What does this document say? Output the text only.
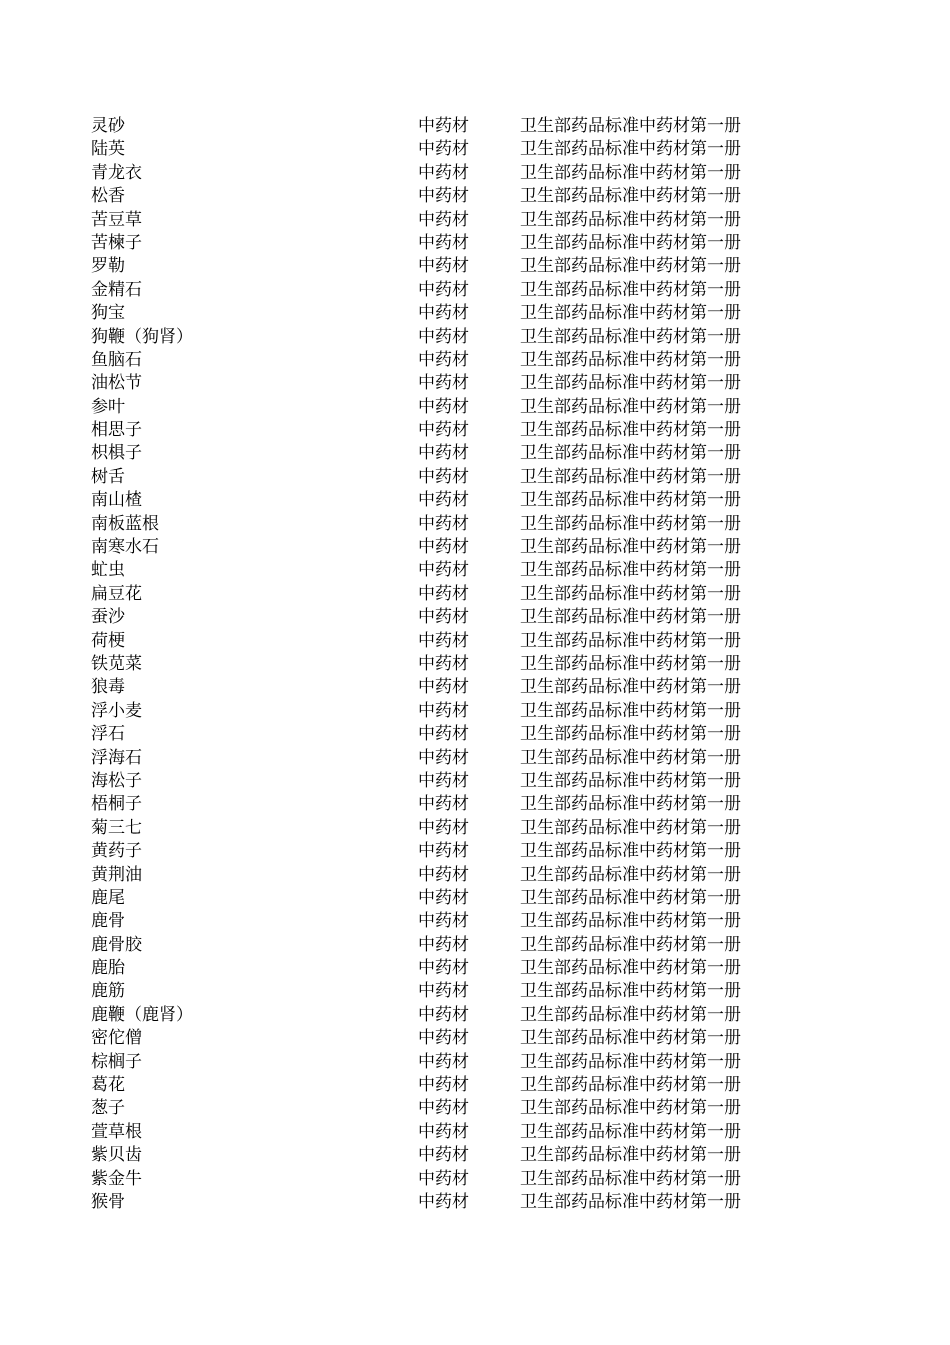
灵砂	中药材	卫生部药品标准中药材第一册
陆英	中药材	卫生部药品标准中药材第一册
青龙衣	中药材	卫生部药品标准中药材第一册
松香	中药材	卫生部药品标准中药材第一册
苦豆草	中药材	卫生部药品标准中药材第一册
苦楝子	中药材	卫生部药品标准中药材第一册
罗勒	中药材	卫生部药品标准中药材第一册
金精石	中药材	卫生部药品标准中药材第一册
狗宝	中药材	卫生部药品标准中药材第一册
狗鞭（狗肾）	中药材	卫生部药品标准中药材第一册
鱼脑石	中药材	卫生部药品标准中药材第一册
油松节	中药材	卫生部药品标准中药材第一册
参叶	中药材	卫生部药品标准中药材第一册
相思子	中药材	卫生部药品标准中药材第一册
枳椇子	中药材	卫生部药品标准中药材第一册
树舌	中药材	卫生部药品标准中药材第一册
南山楂	中药材	卫生部药品标准中药材第一册
南板蓝根	中药材	卫生部药品标准中药材第一册
南寒水石	中药材	卫生部药品标准中药材第一册
虻虫	中药材	卫生部药品标准中药材第一册
扁豆花	中药材	卫生部药品标准中药材第一册
蚕沙	中药材	卫生部药品标准中药材第一册
荷梗	中药材	卫生部药品标准中药材第一册
铁苋菜	中药材	卫生部药品标准中药材第一册
狼毒	中药材	卫生部药品标准中药材第一册
浮小麦	中药材	卫生部药品标准中药材第一册
浮石	中药材	卫生部药品标准中药材第一册
浮海石	中药材	卫生部药品标准中药材第一册
海松子	中药材	卫生部药品标准中药材第一册
梧桐子	中药材	卫生部药品标准中药材第一册
菊三七	中药材	卫生部药品标准中药材第一册
黄药子	中药材	卫生部药品标准中药材第一册
黄荆油	中药材	卫生部药品标准中药材第一册
鹿尾	中药材	卫生部药品标准中药材第一册
鹿骨	中药材	卫生部药品标准中药材第一册
鹿骨胶	中药材	卫生部药品标准中药材第一册
鹿胎	中药材	卫生部药品标准中药材第一册
鹿筋	中药材	卫生部药品标准中药材第一册
鹿鞭（鹿肾）	中药材	卫生部药品标准中药材第一册
密佗僧	中药材	卫生部药品标准中药材第一册
棕榈子	中药材	卫生部药品标准中药材第一册
葛花	中药材	卫生部药品标准中药材第一册
葱子	中药材	卫生部药品标准中药材第一册
萱草根	中药材	卫生部药品标准中药材第一册
紫贝齿	中药材	卫生部药品标准中药材第一册
紫金牛	中药材	卫生部药品标准中药材第一册
猴骨	中药材	卫生部药品标准中药材第一册
